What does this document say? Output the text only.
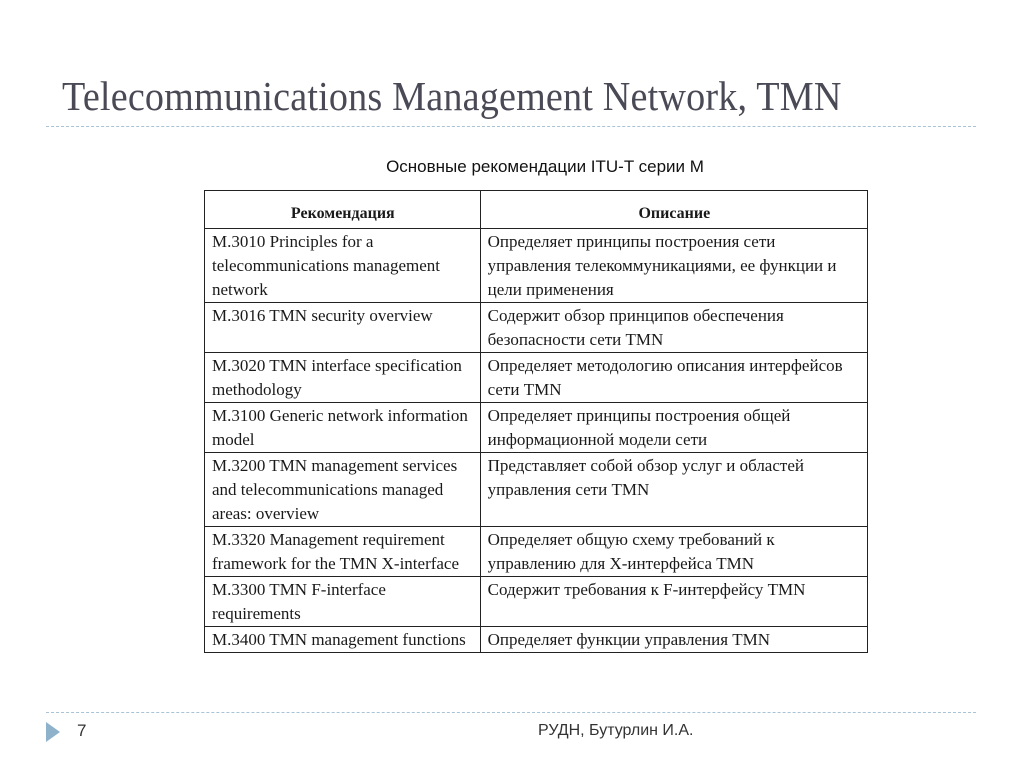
Telecommunications Management Network, TMN
Основные рекомендации ITU-T серии M
Рекомендация	Описание
M.3010 Principles for a telecommunications management network	Определяет принципы построения сети управления телекоммуникациями, ее функции и цели применения
M.3016 TMN security overview	Содержит обзор принципов обеспечения безопасности сети TMN
M.3020 TMN interface specification methodology	Определяет методологию описания интерфейсов сети TMN
M.3100 Generic network information model	Определяет принципы построения общей информационной модели сети
M.3200 TMN management services and telecommunications managed areas: overview	Представляет собой обзор услуг и областей управления сети TMN
M.3320 Management requirement framework for the TMN X-interface	Определяет общую схему требований к управлению для X-интерфейса TMN
M.3300 TMN F-interface requirements	Содержит требования к F-интерфейсу TMN
M.3400 TMN management functions	Определяет функции управления TMN
7	РУДН, Бутурлин И.А.
